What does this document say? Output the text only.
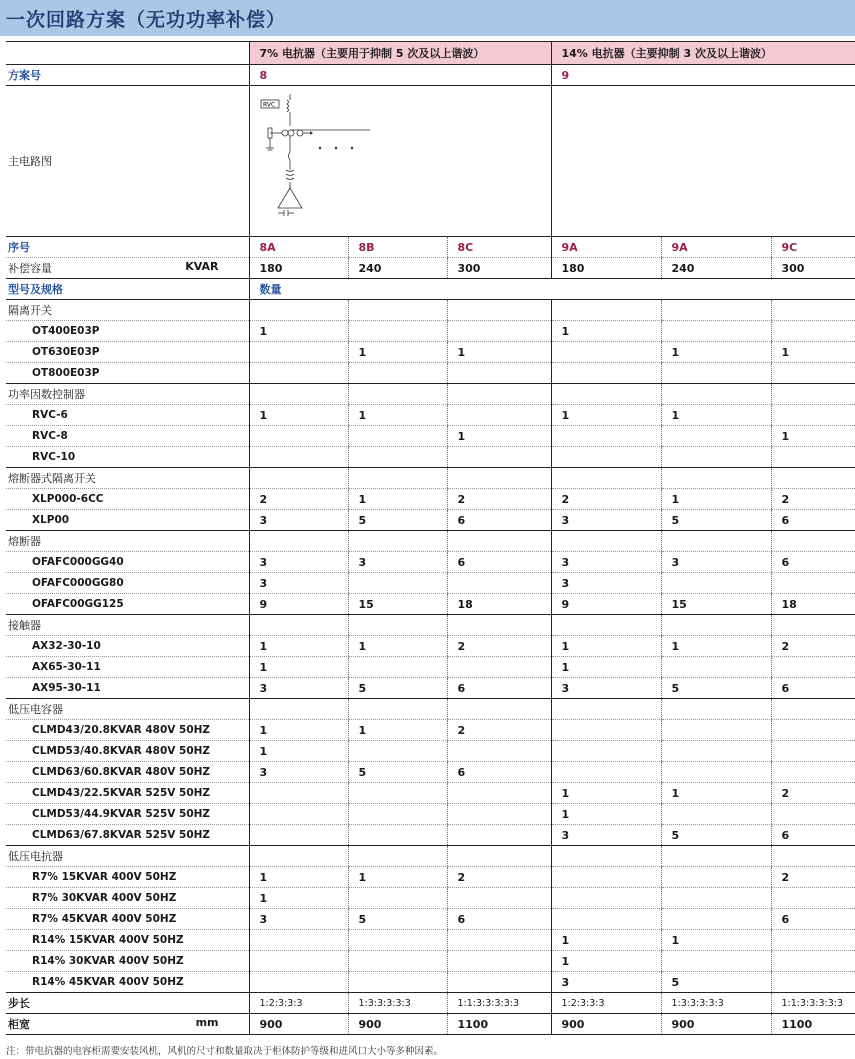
一次回路方案（无功功率补偿）
	7% 电抗器（主要用于抑制 5 次及以上谐波）			14% 电抗器（主要抑制 3 次及以上谐波）		
方案号	8			9		
主电路图	RVC					

序号	8A	8B	8C	9A	9A	9C
补偿容量 KVAR	180	240	300	180	240	300
型号及规格	数量					
隔离开关						
OT400E03P	1			1		
OT630E03P		1	1		1	1
OT800E03P						
功率因数控制器						
RVC-6	1	1		1	1	
RVC-8			1			1
RVC-10						
熔断器式隔离开关						
XLP000-6CC	2	1	2	2	1	2
XLP00	3	5	6	3	5	6
熔断器						
OFAFC000GG40	3	3	6	3	3	6
OFAFC000GG80	3			3		
OFAFC00GG125	9	15	18	9	15	18
接触器						
AX32-30-10	1	1	2	1	1	2
AX65-30-11	1			1		
AX95-30-11	3	5	6	3	5	6
低压电容器						
CLMD43/20.8KVAR 480V 50HZ	1	1	2			
CLMD53/40.8KVAR 480V 50HZ	1					
CLMD63/60.8KVAR 480V 50HZ	3	5	6			
CLMD43/22.5KVAR 525V 50HZ				1	1	2
CLMD53/44.9KVAR 525V 50HZ				1		
CLMD63/67.8KVAR 525V 50HZ				3	5	6
低压电抗器						
R7% 15KVAR 400V 50HZ	1	1	2			2
R7% 30KVAR 400V 50HZ	1					
R7% 45KVAR 400V 50HZ	3	5	6			6
R14% 15KVAR 400V 50HZ				1	1	
R14% 30KVAR 400V 50HZ				1		
R14% 45KVAR 400V 50HZ				3	5	
步长	1:2:3:3:3	1:3:3:3:3:3	1:1:3:3:3:3:3	1:2:3:3:3	1:3:3:3:3:3	1:1:3:3:3:3:3
柜宽 mm	900	900	1100	900	900	1100
注：带电抗器的电容柜需要安装风机，风机的尺寸和数量取决于柜体防护等级和进风口大小等多种因素。
